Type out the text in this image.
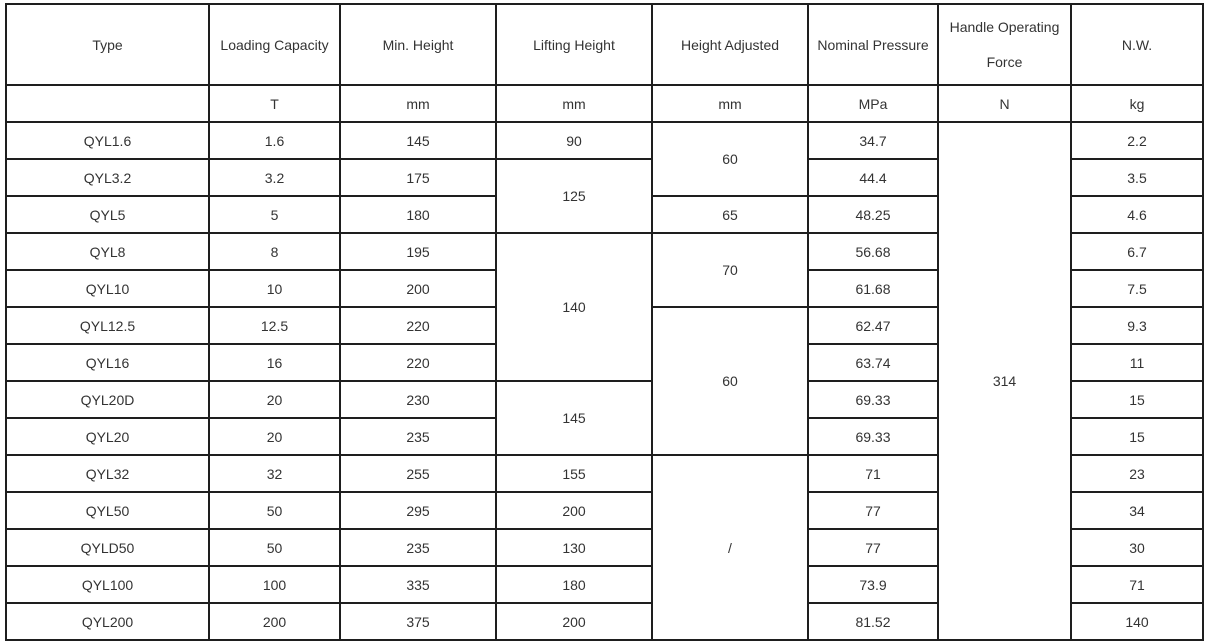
Type	Loading Capacity	Min. Height	Lifting Height	Height Adjusted	Nominal Pressure	Handle Operating Force	N.W.
	T	mm	mm	mm	MPa	N	kg
QYL1.6	1.6	145	90	60	34.7	314	2.2
QYL3.2	3.2	175	125		44.4		3.5
QYL5	5	180		65	48.25		4.6
QYL8	8	195	140	70	56.68		6.7
QYL10	10	200			61.68		7.5
QYL12.5	12.5	220		60	62.47		9.3
QYL16	16	220			63.74		11
QYL20D	20	230	145		69.33		15
QYL20	20	235			69.33		15
QYL32	32	255	155	/	71		23
QYL50	50	295	200		77		34
QYLD50	50	235	130		77		30
QYL100	100	335	180		73.9		71
QYL200	200	375	200		81.52		140
